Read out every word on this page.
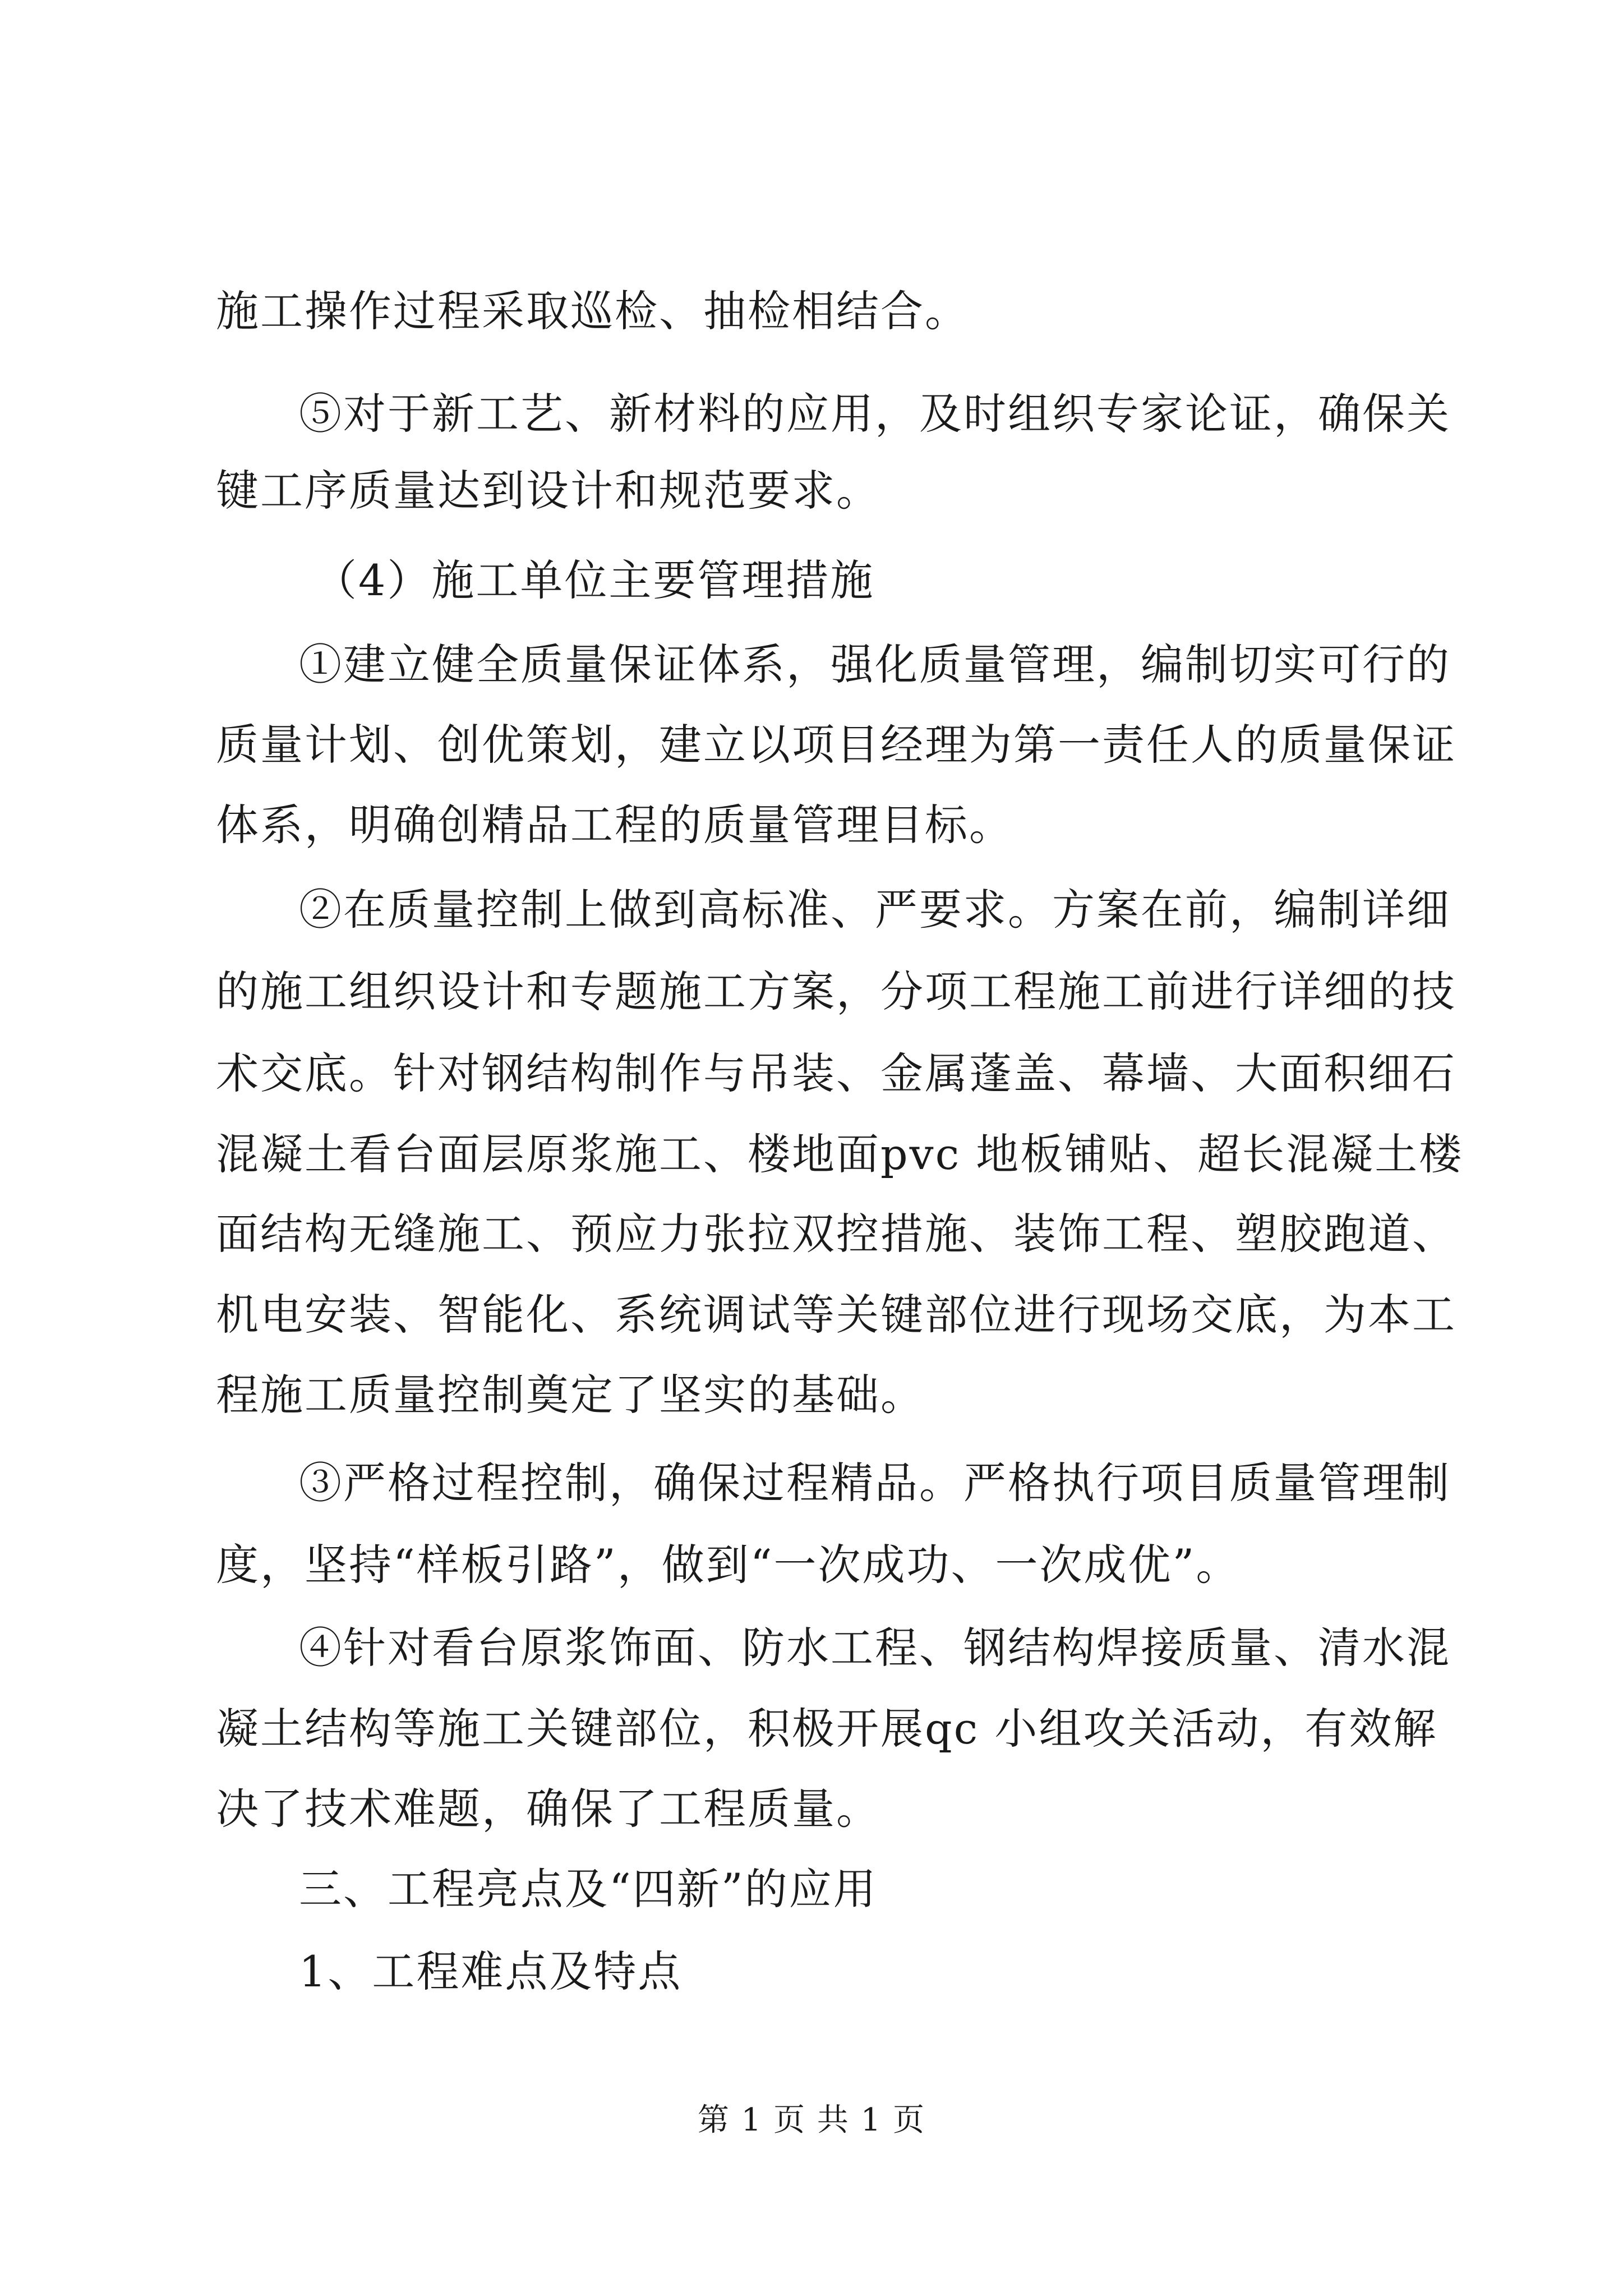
施工操作过程采取巡检、抽检相结合。
⑤对于新工艺、新材料的应用，及时组织专家论证，确保关
键工序质量达到设计和规范要求。
（4）施工单位主要管理措施
①建立健全质量保证体系，强化质量管理，编制切实可行的
质量计划、创优策划，建立以项目经理为第一责任人的质量保证
体系，明确创精品工程的质量管理目标。
②在质量控制上做到高标准、严要求。方案在前，编制详细
的施工组织设计和专题施工方案，分项工程施工前进行详细的技
术交底。针对钢结构制作与吊装、金属蓬盖、幕墙、大面积细石
混凝土看台面层原浆施工、楼地面pvc 地板铺贴、超长混凝土楼
面结构无缝施工、预应力张拉双控措施、装饰工程、塑胶跑道、
机电安装、智能化、系统调试等关键部位进行现场交底，为本工
程施工质量控制奠定了坚实的基础。
③严格过程控制，确保过程精品。严格执行项目质量管理制
度，坚持“样板引路”，做到“一次成功、一次成优”。
④针对看台原浆饰面、防水工程、钢结构焊接质量、清水混
凝土结构等施工关键部位，积极开展qc 小组攻关活动，有效解
决了技术难题，确保了工程质量。
三、工程亮点及“四新”的应用
1、工程难点及特点
第 1 页 共 1 页
